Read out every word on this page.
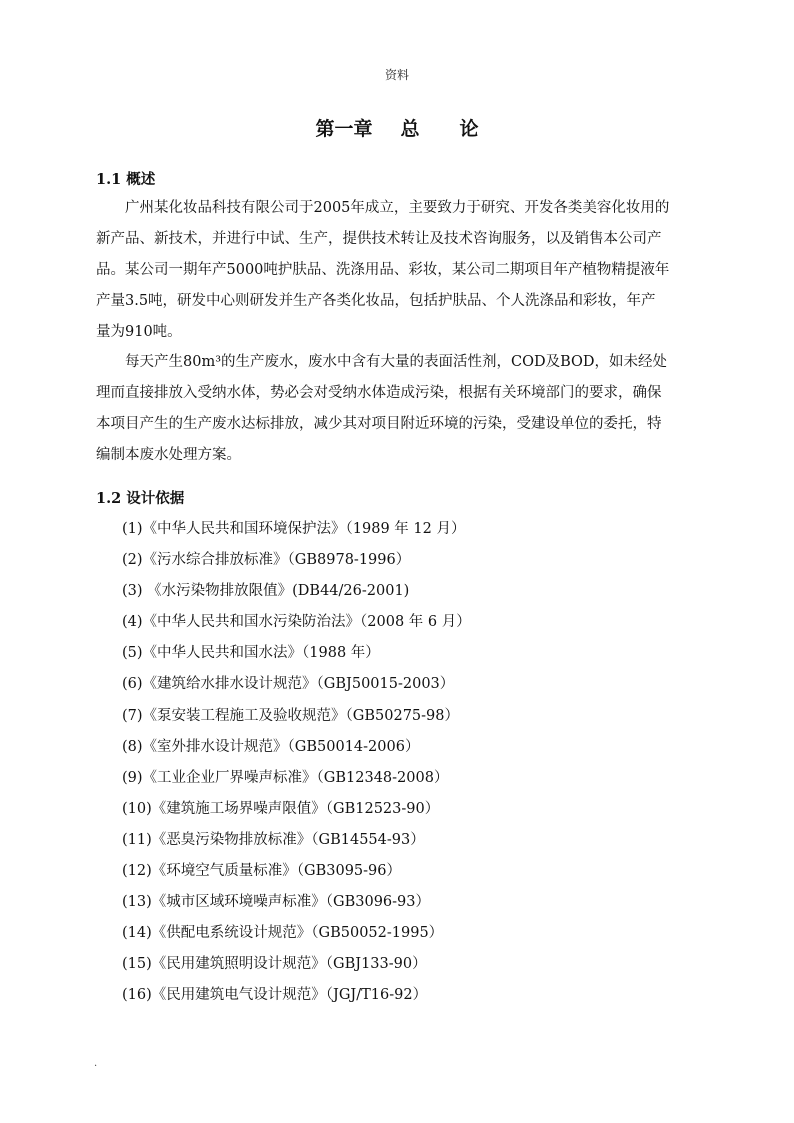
资料
第一章 总 论
1.1 概述

广州某化妆品科技有限公司于2005年成立，主要致力于研究、开发各类美容化妆用的

新产品、新技术，并进行中试、生产，提供技术转让及技术咨询服务，以及销售本公司产

品。某公司一期年产5000吨护肤品、洗涤用品、彩妆，某公司二期项目年产植物精提液年

产量3.5吨，研发中心则研发并生产各类化妆品，包括护肤品、个人洗涤品和彩妆，年产

量为910吨。

每天产生80m³的生产废水，废水中含有大量的表面活性剂，COD及BOD，如未经处

理而直接排放入受纳水体，势必会对受纳水体造成污染，根据有关环境部门的要求，确保

本项目产生的生产废水达标排放，减少其对项目附近环境的污染，受建设单位的委托，特

编制本废水处理方案。

1.2 设计依据
(1)《中华人民共和国环境保护法》（1989 年 12 月）
(2)《污水综合排放标准》（GB8978-1996）
(3) 《水污染物排放限值》(DB44/26-2001)
(4)《中华人民共和国水污染防治法》（2008 年 6 月）
(5)《中华人民共和国水法》（1988 年）
(6)《建筑给水排水设计规范》（GBJ50015-2003）
(7)《泵安装工程施工及验收规范》（GB50275-98）
(8)《室外排水设计规范》（GB50014-2006）
(9)《工业企业厂界噪声标准》（GB12348-2008）
(10)《建筑施工场界噪声限值》（GB12523-90）
(11)《恶臭污染物排放标准》（GB14554-93）
(12)《环境空气质量标准》（GB3095-96）
(13)《城市区域环境噪声标准》（GB3096-93）
(14)《供配电系统设计规范》（GB50052-1995）
(15)《民用建筑照明设计规范》（GBJ133-90）
(16)《民用建筑电气设计规范》（JGJ/T16-92）
.
